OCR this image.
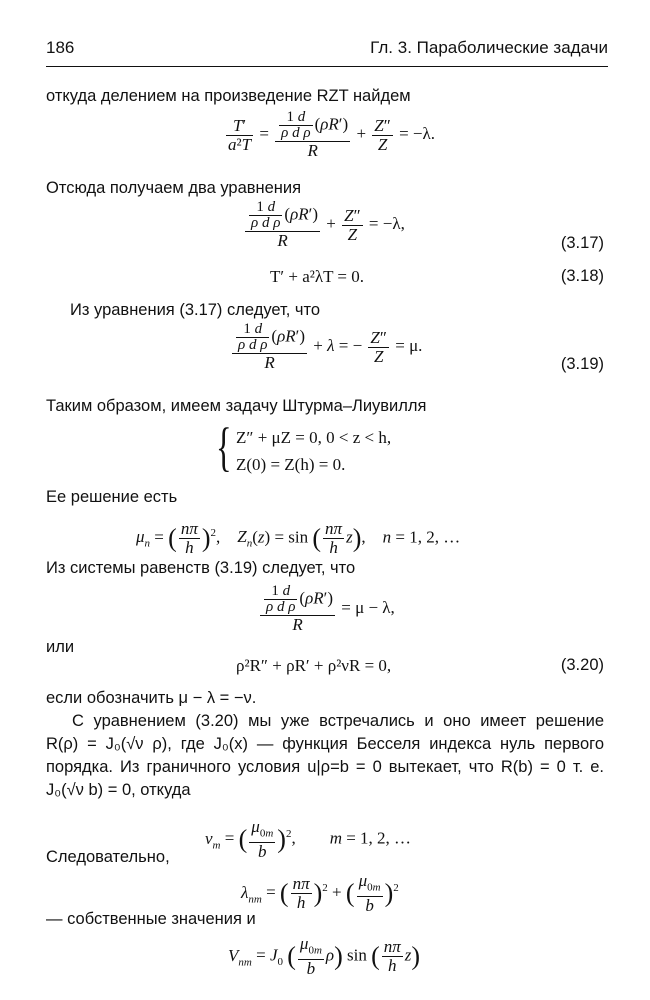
186	Гл. 3. Параболические задачи
откуда делением на произведение RZT найдем
$\frac{T'}{\text{a²T}} = \frac{\frac{1 d}{\text{ρ d ρ}} (\rho R')}{R} + \frac{Z''}{Z} = -\lambda$.
Отсюда получаем два уравнения
$\frac{\frac{1 d}{\text{ρ d ρ}} (\rho R')}{R} + \frac{Z''}{Z} = -\lambda$,
(3.17)
T′ + a²λT = 0.	(3.18)
Из уравнения (3.17) следует, что
$\frac{\frac{1 d}{\text{ρ d ρ}} (\rho R')}{R} + \lambda$ = − $\frac{Z''}{Z} = \mu$.
(3.19)
Таким образом, имеем задачу Штурма–Лиувилля
{ Z″ + μZ = 0, 0 < z < h,
Z(0) = Z(h) = 0.
Ее решение есть
$\mu_n$ = ( $\frac{n\pi}{h} )^2$,    $Z_n(z) = \sin$ ( $\frac{n\pi}{h} z$),    n = 1, 2, …
Из системы равенств (3.19) следует, что
$\frac{\frac{1 d}{\text{ρ d ρ}} (\rho R')}{R} = \mu - \lambda$,
или
ρ²R″ + ρR′ + ρ²νR = 0,	(3.20)
если обозначить μ − λ = −ν.
С уравнением (3.20) мы уже встречались и оно имеет решение
R(ρ) = J₀(√ν ρ), где J₀(x) — функция Бесселя индекса нуль первого
порядка. Из граничного условия u|ρ=b = 0 вытекает, что R(b) = 0 т. е.
J₀(√ν b) = 0, откуда
$\nu_m$ = ( $\frac{\mu_{0m}}{b} )^2$,        m = 1, 2, …
Следовательно,
$\lambda_{nm}$ = ( $\frac{n\pi}{h} )^2$ + ( $\frac{\mu_{0m}}{b} )^2$
— собственные значения и
$V_{nm} = J_0$ ( $\frac{\mu_{0m}}{b} \rho$) sin ( $\frac{n\pi}{h} z$)
